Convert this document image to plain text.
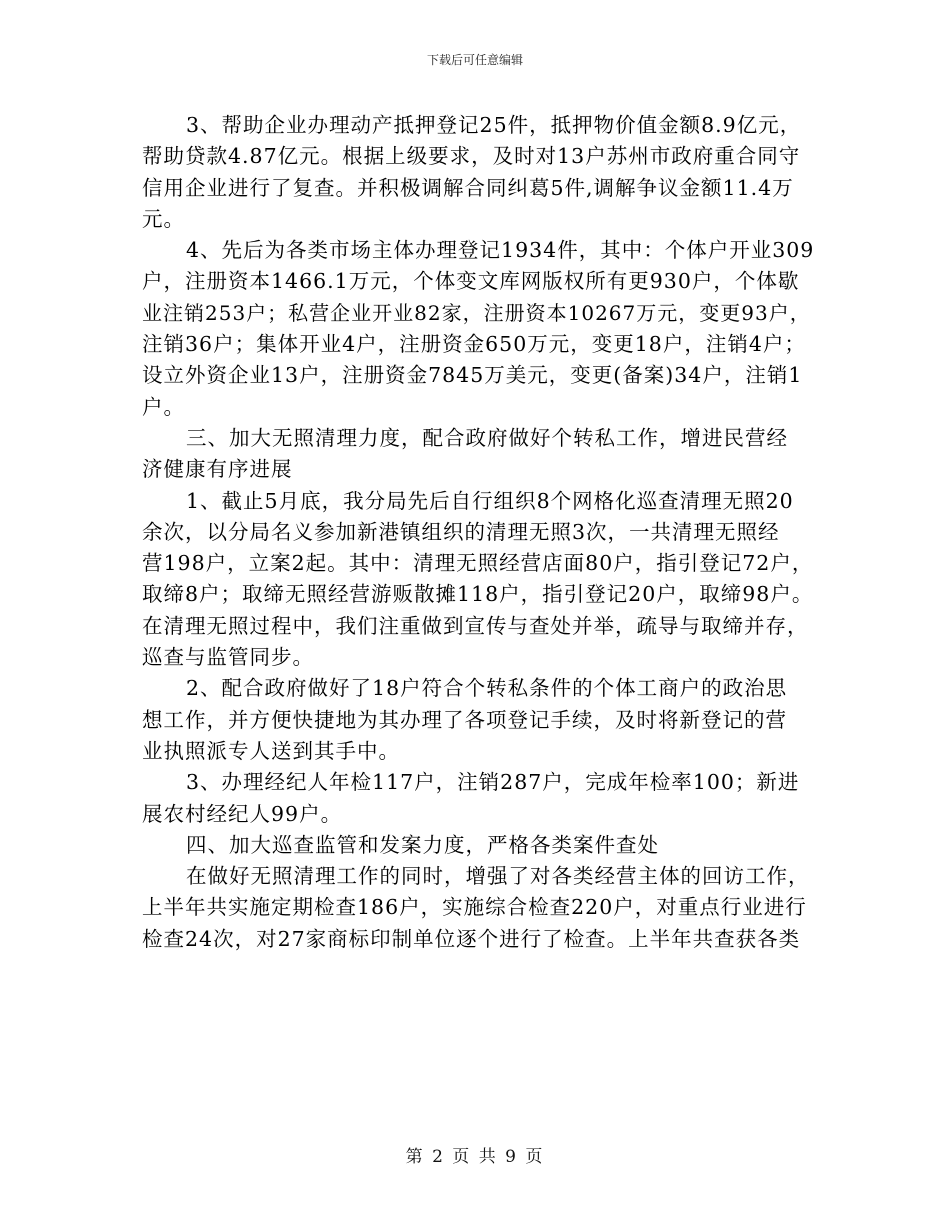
下载后可任意编辑
3、帮助企业办理动产抵押登记25件，抵押物价值金额8.9亿元，
帮助贷款4.87亿元。根据上级要求，及时对13户苏州市政府重合同守
信用企业进行了复查。并积极调解合同纠葛5件,调解争议金额11.4万
元。
4、先后为各类市场主体办理登记1934件，其中：个体户开业309
户，注册资本1466.1万元，个体变文库网版权所有更930户，个体歇
业注销253户；私营企业开业82家，注册资本10267万元，变更93户，
注销36户；集体开业4户，注册资金650万元，变更18户，注销4户；
设立外资企业13户，注册资金7845万美元，变更(备案)34户，注销1
户。
三、加大无照清理力度，配合政府做好个转私工作，增进民营经
济健康有序进展
1、截止5月底，我分局先后自行组织8个网格化巡查清理无照20
余次，以分局名义参加新港镇组织的清理无照3次，一共清理无照经
营198户，立案2起。其中：清理无照经营店面80户，指引登记72户，
取缔8户；取缔无照经营游贩散摊118户，指引登记20户，取缔98户。
在清理无照过程中，我们注重做到宣传与查处并举，疏导与取缔并存，
巡查与监管同步。
2、配合政府做好了18户符合个转私条件的个体工商户的政治思
想工作，并方便快捷地为其办理了各项登记手续，及时将新登记的营
业执照派专人送到其手中。
3、办理经纪人年检117户，注销287户，完成年检率100；新进
展农村经纪人99户。
四、加大巡查监管和发案力度，严格各类案件查处
在做好无照清理工作的同时，增强了对各类经营主体的回访工作，
上半年共实施定期检查186户，实施综合检查220户，对重点行业进行
检查24次，对27家商标印制单位逐个进行了检查。上半年共查获各类
第 2 页 共 9 页
